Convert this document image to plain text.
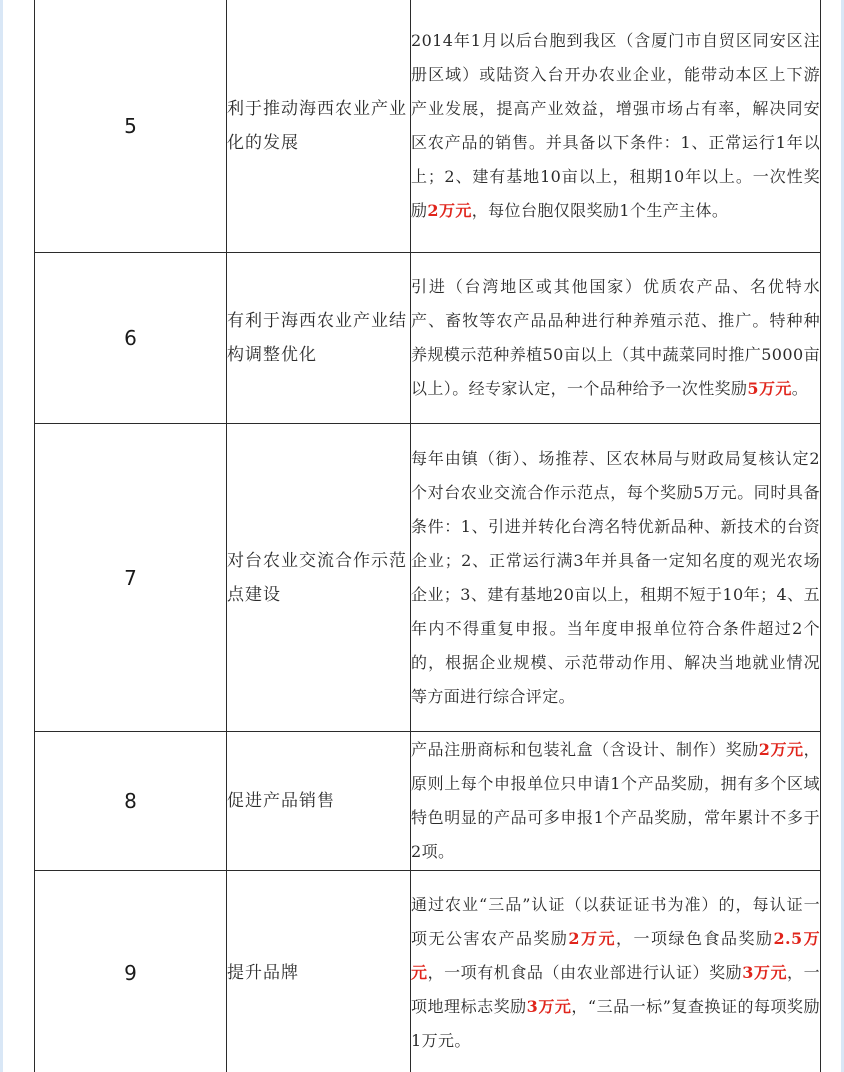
5	利于推动海西农业产业化的发展	2014年1月以后台胞到我区（含厦门市自贸区同安区注册区域）或陆资入台开办农业企业，能带动本区上下游产业发展，提高产业效益，增强市场占有率，解决同安区农产品的销售。并具备以下条件：1、正常运行1年以上；2、建有基地10亩以上，租期10年以上。一次性奖励2万元，每位台胞仅限奖励1个生产主体。
6	有利于海西农业产业结构调整优化	引进（台湾地区或其他国家）优质农产品、名优特水产、畜牧等农产品品种进行种养殖示范、推广。特种种养规模示范种养植50亩以上（其中蔬菜同时推广5000亩以上）。经专家认定，一个品种给予一次性奖励5万元。
7	对台农业交流合作示范点建设	每年由镇（街）、场推荐、区农林局与财政局复核认定2个对台农业交流合作示范点，每个奖励5万元。同时具备条件：1、引进并转化台湾名特优新品种、新技术的台资企业；2、正常运行满3年并具备一定知名度的观光农场企业；3、建有基地20亩以上，租期不短于10年；4、五年内不得重复申报。当年度申报单位符合条件超过2个的，根据企业规模、示范带动作用、解决当地就业情况等方面进行综合评定。
8	促进产品销售	产品注册商标和包装礼盒（含设计、制作）奖励2万元，原则上每个申报单位只申请1个产品奖励，拥有多个区域特色明显的产品可多申报1个产品奖励，常年累计不多于2项。
9	提升品牌	通过农业“三品”认证（以获证证书为准）的，每认证一项无公害农产品奖励2万元，一项绿色食品奖励2.5万元，一项有机食品（由农业部进行认证）奖励3万元，一项地理标志奖励3万元，“三品一标”复查换证的每项奖励1万元。
